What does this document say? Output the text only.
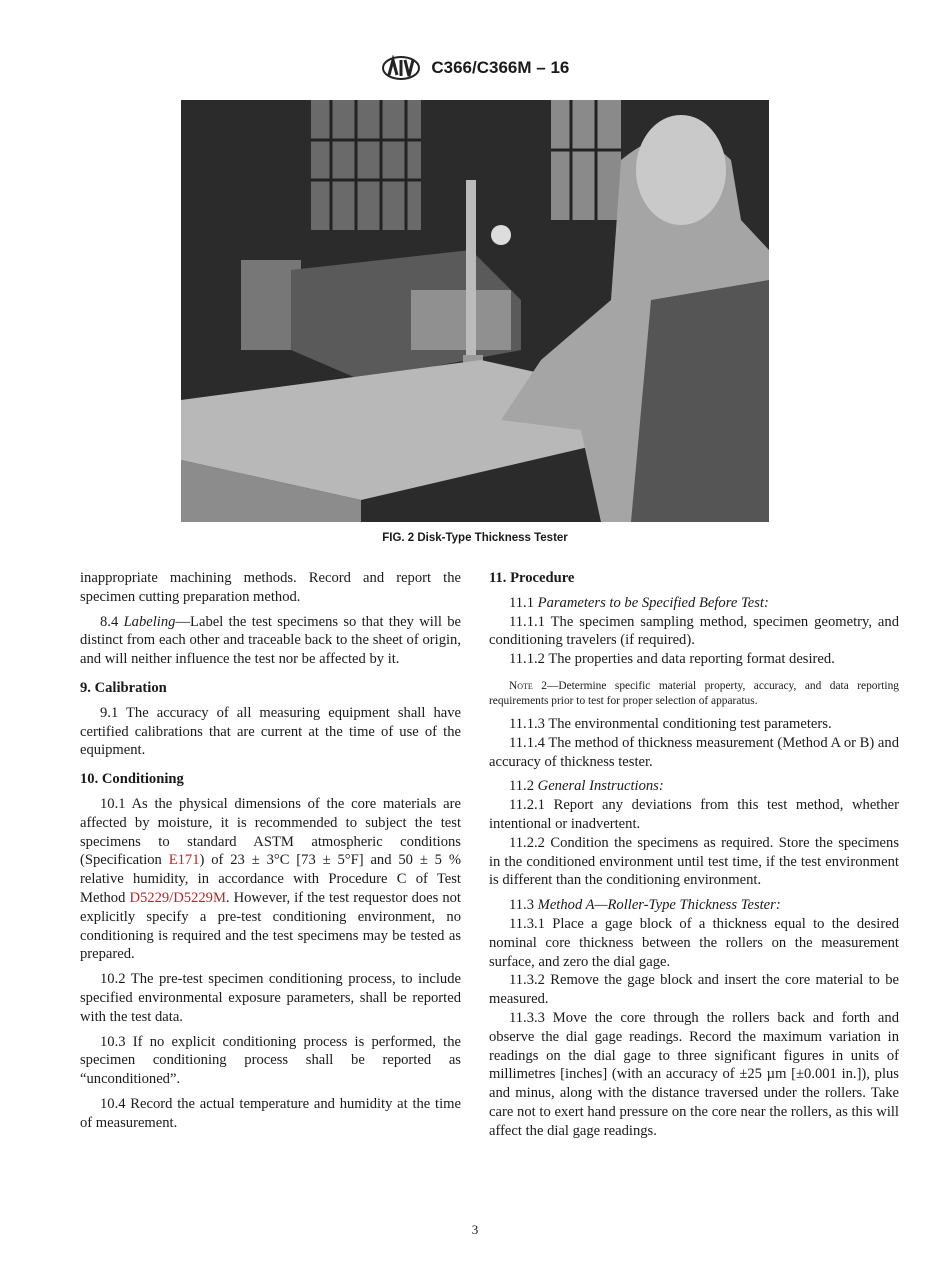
C366/C366M – 16
FIG. 2 Disk-Type Thickness Tester

inappropriate machining methods. Record and report the specimen cutting preparation method.

8.4 Labeling—Label the test specimens so that they will be distinct from each other and traceable back to the sheet of origin, and will neither influence the test nor be affected by it.

9. Calibration

9.1 The accuracy of all measuring equipment shall have certified calibrations that are current at the time of use of the equipment.

10. Conditioning

10.1 As the physical dimensions of the core materials are affected by moisture, it is recommended to subject the test specimens to standard ASTM atmospheric conditions (Specification E171) of 23 ± 3°C [73 ± 5°F] and 50 ± 5 % relative humidity, in accordance with Procedure C of Test Method D5229/D5229M. However, if the test requestor does not explicitly specify a pre-test conditioning environment, no conditioning is required and the test specimens may be tested as prepared.

10.2 The pre-test specimen conditioning process, to include specified environmental exposure parameters, shall be reported with the test data.

10.3 If no explicit conditioning process is performed, the specimen conditioning process shall be reported as “unconditioned”.

10.4 Record the actual temperature and humidity at the time of measurement.

11. Procedure

11.1 Parameters to be Specified Before Test:

11.1.1 The specimen sampling method, specimen geometry, and conditioning travelers (if required).

11.1.2 The properties and data reporting format desired.

Note 2—Determine specific material property, accuracy, and data reporting requirements prior to test for proper selection of apparatus.

11.1.3 The environmental conditioning test parameters.

11.1.4 The method of thickness measurement (Method A or B) and accuracy of thickness tester.

11.2 General Instructions:

11.2.1 Report any deviations from this test method, whether intentional or inadvertent.

11.2.2 Condition the specimens as required. Store the specimens in the conditioned environment until test time, if the test environment is different than the conditioning environment.

11.3 Method A—Roller-Type Thickness Tester:

11.3.1 Place a gage block of a thickness equal to the desired nominal core thickness between the rollers on the measurement surface, and zero the dial gage.

11.3.2 Remove the gage block and insert the core material to be measured.

11.3.3 Move the core through the rollers back and forth and observe the dial gage readings. Record the maximum variation in readings on the dial gage to three significant figures in units of millimetres [inches] (with an accuracy of ±25 µm [±0.001 in.]), plus and minus, along with the distance traversed under the rollers. Take care not to exert hand pressure on the core near the rollers, as this will affect the dial gage readings.

3
